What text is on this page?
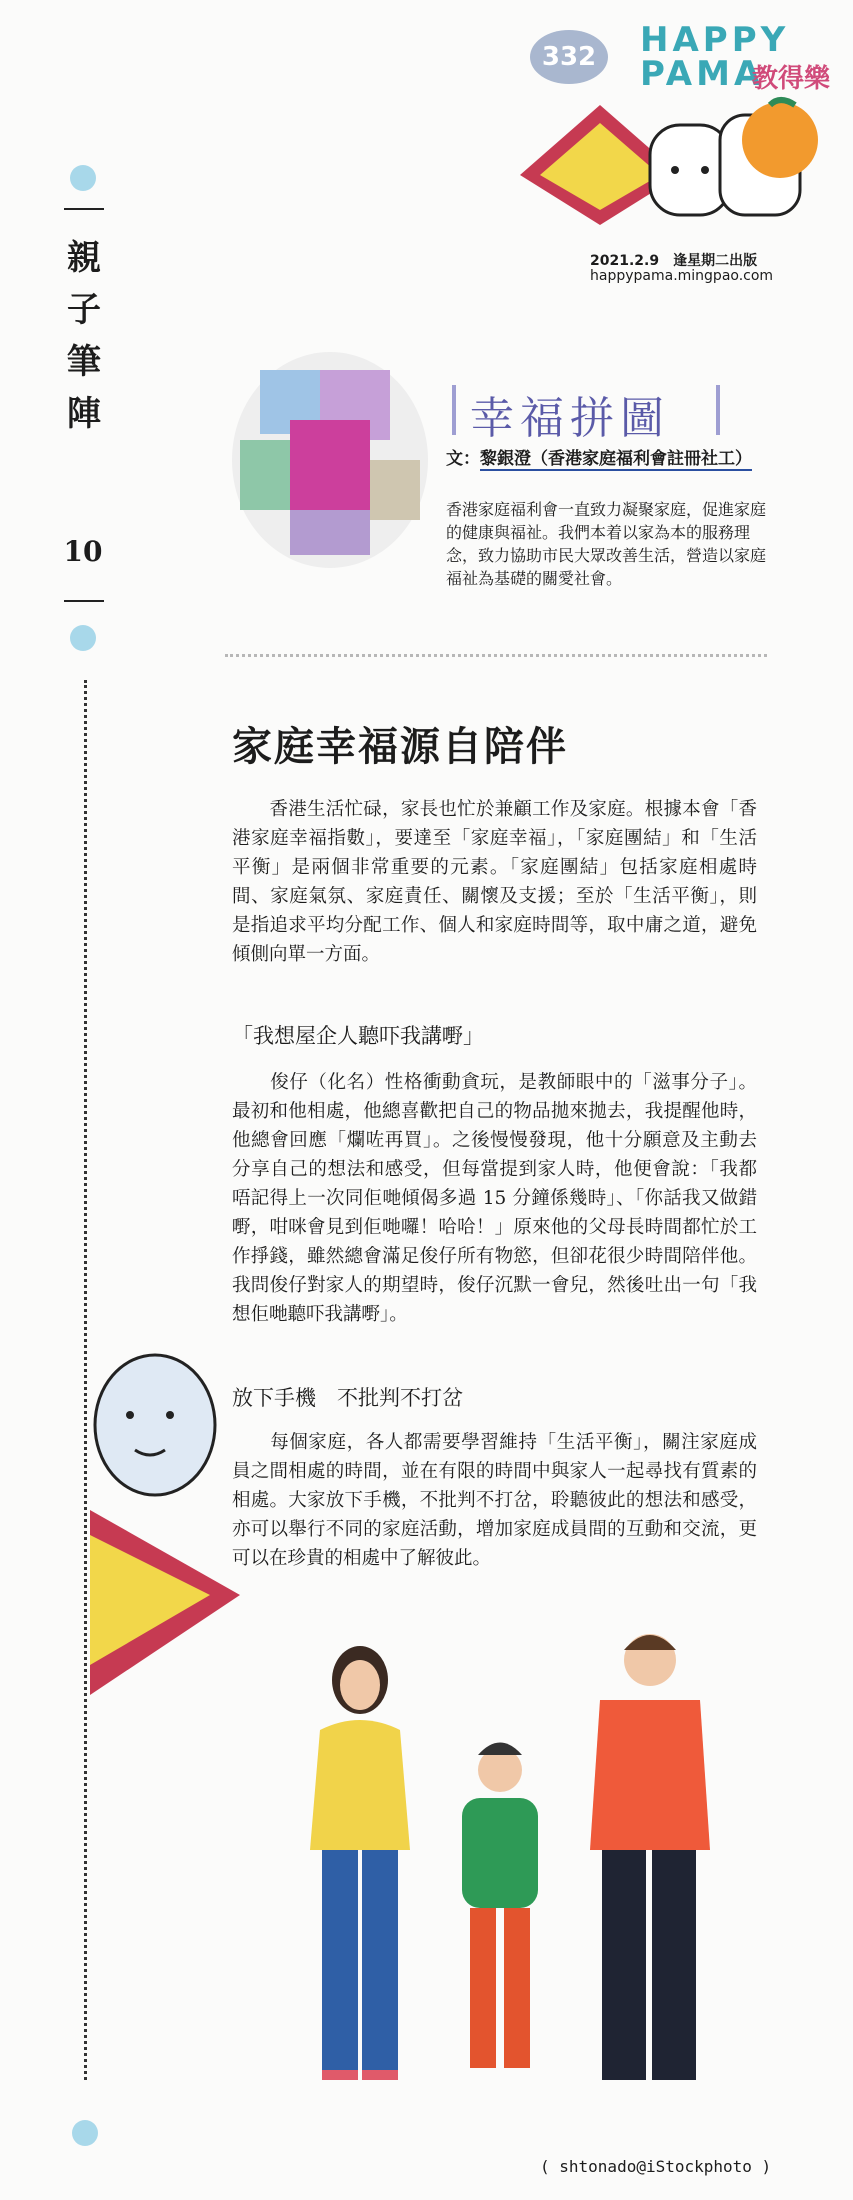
332	HAPPY
PAMA
教得樂
2021.2.9　逢星期二出版
happypama.mingpao.com
親子筆陣
10
幸福拼圖
文：黎銀澄（香港家庭福利會註冊社工）
香港家庭福利會一直致力凝聚家庭，促進家庭的健康與福祉。我們本着以家為本的服務理念，致力協助市民大眾改善生活，營造以家庭福祉為基礎的關愛社會。
家庭幸福源自陪伴
　　香港生活忙碌，家長也忙於兼顧工作及家庭。根據本會「香港家庭幸福指數」，要達至「家庭幸福」，「家庭團結」和「生活平衡」是兩個非常重要的元素。「家庭團結」包括家庭相處時間、家庭氣氛、家庭責任、關懷及支援；至於「生活平衡」，則是指追求平均分配工作、個人和家庭時間等，取中庸之道，避免傾側向單一方面。
「我想屋企人聽吓我講嘢」
　　俊仔（化名）性格衝動貪玩，是教師眼中的「滋事分子」。最初和他相處，他總喜歡把自己的物品拋來拋去，我提醒他時，他總會回應「爛咗再買」。之後慢慢發現，他十分願意及主動去分享自己的想法和感受，但每當提到家人時，他便會說：「我都唔記得上一次同佢哋傾偈多過 15 分鐘係幾時」、「你話我又做錯嘢，咁咪會見到佢哋囉！哈哈！」原來他的父母長時間都忙於工作掙錢，雖然總會滿足俊仔所有物慾，但卻花很少時間陪伴他。我問俊仔對家人的期望時，俊仔沉默一會兒，然後吐出一句「我想佢哋聽吓我講嘢」。
放下手機　不批判不打岔
　　每個家庭，各人都需要學習維持「生活平衡」，關注家庭成員之間相處的時間，並在有限的時間中與家人一起尋找有質素的相處。大家放下手機，不批判不打岔，聆聽彼此的想法和感受，亦可以舉行不同的家庭活動，增加家庭成員間的互動和交流，更可以在珍貴的相處中了解彼此。
( shtonado@iStockphoto )
